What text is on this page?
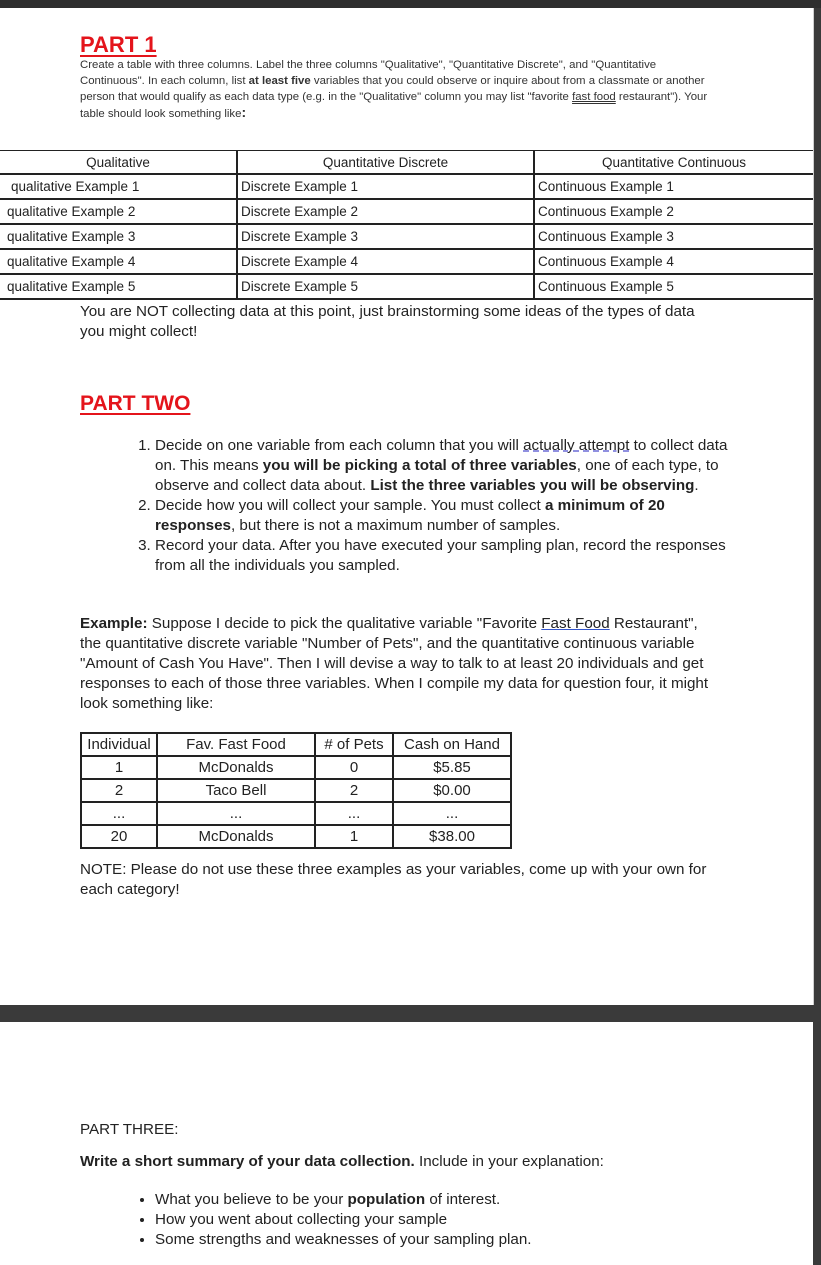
PART 1

Create a table with three columns. Label the three columns "Qualitative", "Quantitative Discrete", and "Quantitative Continuous". In each column, list at least five variables that you could observe or inquire about from a classmate or another person that would qualify as each data type (e.g. in the "Qualitative" column you may list "favorite fast food restaurant"). Your table should look something like:

Qualitative	Quantitative Discrete	Quantitative Continuous
qualitative Example 1	Discrete Example 1	Continuous Example 1
qualitative Example 2	Discrete Example 2	Continuous Example 2
qualitative Example 3	Discrete Example 3	Continuous Example 3
qualitative Example 4	Discrete Example 4	Continuous Example 4
qualitative Example 5	Discrete Example 5	Continuous Example 5

You are NOT collecting data at this point, just brainstorming some ideas of the types of data you might collect!

PART TWO
1. Decide on one variable from each column that you will actually attempt to collect data on. This means you will be picking a total of three variables, one of each type, to observe and collect data about. List the three variables you will be observing.
2. Decide how you will collect your sample. You must collect a minimum of 20 responses, but there is not a maximum number of samples.
3. Record your data. After you have executed your sampling plan, record the responses from all the individuals you sampled.

Example: Suppose I decide to pick the qualitative variable "Favorite Fast Food Restaurant", the quantitative discrete variable "Number of Pets", and the quantitative continuous variable "Amount of Cash You Have". Then I will devise a way to talk to at least 20 individuals and get responses to each of those three variables. When I compile my data for question four, it might look something like:

Individual	Fav. Fast Food	# of Pets	Cash on Hand
1	McDonalds	0	$5.85
2	Taco Bell	2	$0.00
...	...	...	...
20	McDonalds	1	$38.00

NOTE: Please do not use these three examples as your variables, come up with your own for each category!

PART THREE:

Write a short summary of your data collection. Include in your explanation:

• What you believe to be your population of interest.
• How you went about collecting your sample
• Some strengths and weaknesses of your sampling plan.
